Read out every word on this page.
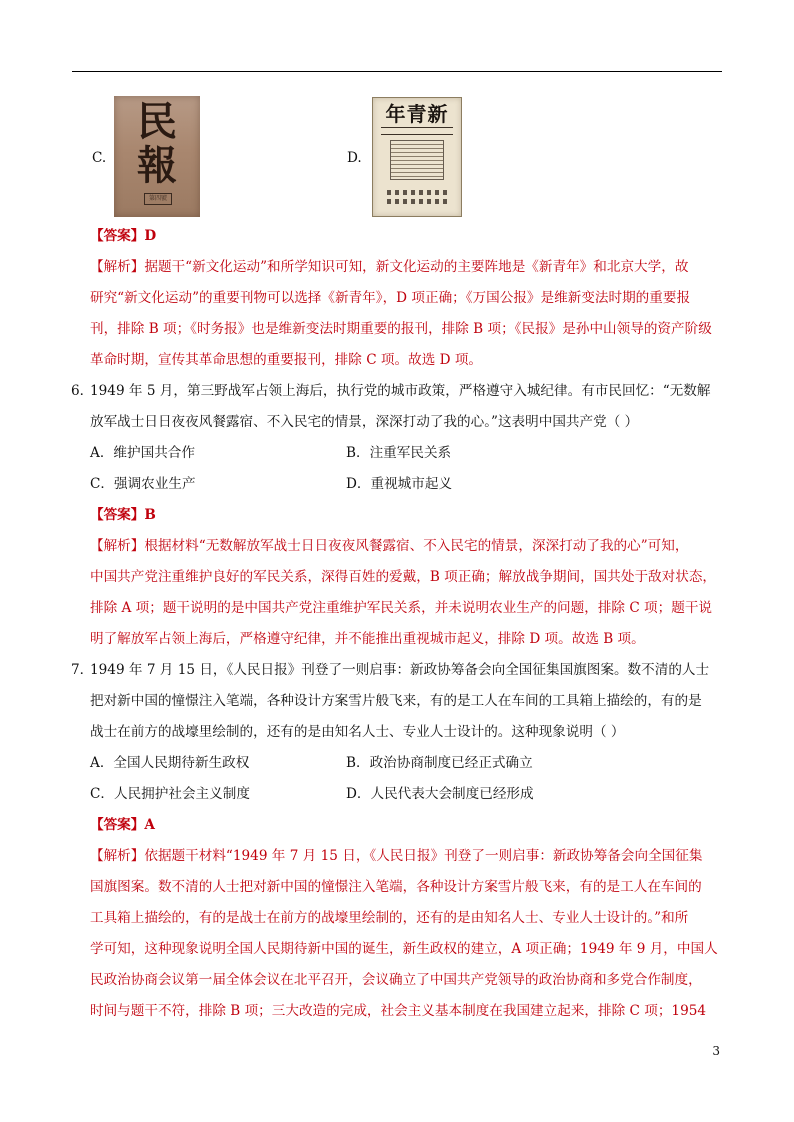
C.
民
報
第四號
D.
年青新
【答案】D
【解析】据题干“新文化运动”和所学知识可知，新文化运动的主要阵地是《新青年》和北京大学，故
研究“新文化运动”的重要刊物可以选择《新青年》，D 项正确；《万国公报》是维新变法时期的重要报
刊，排除 B 项；《时务报》也是维新变法时期重要的报刊，排除 B 项；《民报》是孙中山领导的资产阶级
革命时期，宣传其革命思想的重要报刊，排除 C 项。故选 D 项。
6．
1949 年 5 月，第三野战军占领上海后，执行党的城市政策，严格遵守入城纪律。有市民回忆：“无数解
放军战士日日夜夜风餐露宿、不入民宅的情景，深深打动了我的心。”这表明中国共产党（ ）
A．维护国共合作	B．注重军民关系
C．强调农业生产	D．重视城市起义
【答案】B
【解析】根据材料“无数解放军战士日日夜夜风餐露宿、不入民宅的情景，深深打动了我的心”可知，
中国共产党注重维护良好的军民关系，深得百姓的爱戴，B 项正确；解放战争期间，国共处于敌对状态，
排除 A 项；题干说明的是中国共产党注重维护军民关系，并未说明农业生产的问题，排除 C 项；题干说
明了解放军占领上海后，严格遵守纪律，并不能推出重视城市起义，排除 D 项。故选 B 项。
7．
1949 年 7 月 15 日，《人民日报》刊登了一则启事：新政协筹备会向全国征集国旗图案。数不清的人士
把对新中国的憧憬注入笔端，各种设计方案雪片般飞来，有的是工人在车间的工具箱上描绘的，有的是
战士在前方的战壕里绘制的，还有的是由知名人士、专业人士设计的。这种现象说明（ ）
A．全国人民期待新生政权	B．政治协商制度已经正式确立
C．人民拥护社会主义制度	D．人民代表大会制度已经形成
【答案】A
【解析】依据题干材料“1949 年 7 月 15 日，《人民日报》刊登了一则启事：新政协筹备会向全国征集
国旗图案。数不清的人士把对新中国的憧憬注入笔端，各种设计方案雪片般飞来，有的是工人在车间的
工具箱上描绘的，有的是战士在前方的战壕里绘制的，还有的是由知名人士、专业人士设计的。”和所
学可知，这种现象说明全国人民期待新中国的诞生，新生政权的建立，A 项正确；1949 年 9 月，中国人
民政治协商会议第一届全体会议在北平召开，会议确立了中国共产党领导的政治协商和多党合作制度，
时间与题干不符，排除 B 项；三大改造的完成，社会主义基本制度在我国建立起来，排除 C 项；1954
3
